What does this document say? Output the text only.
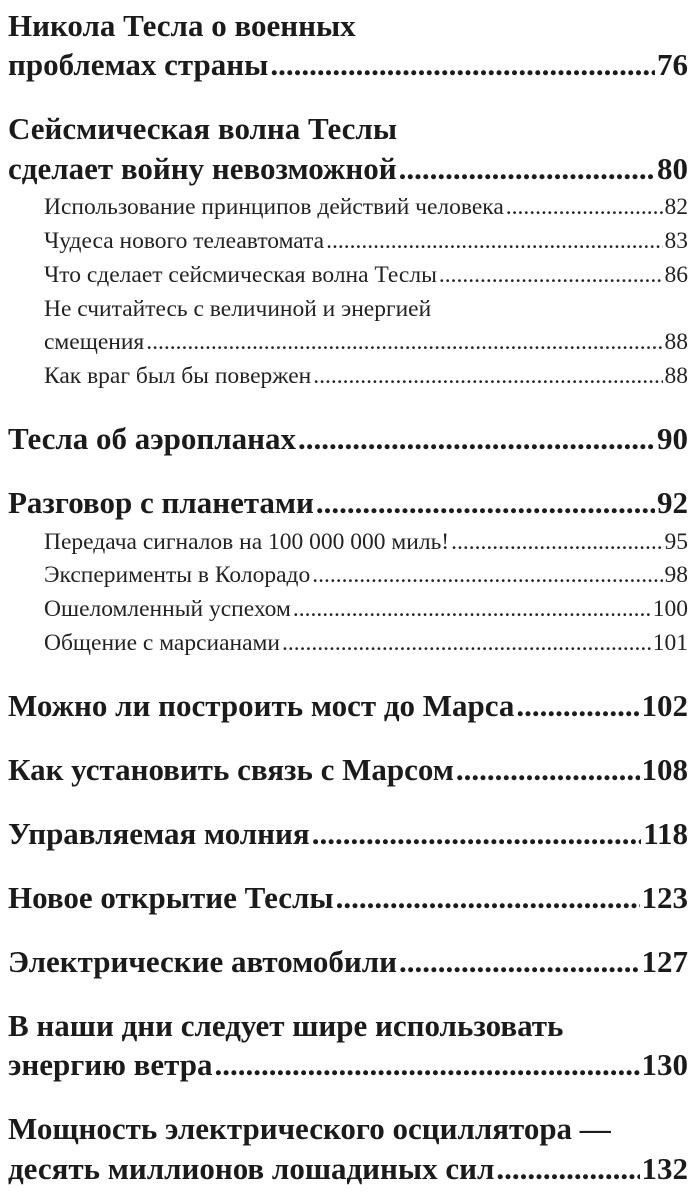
Никола Тесла о военных
проблемах страны .....	76
Сейсмическая волна Теслы
сделает войну невозможной .....	80
Использование принципов действий человека .....	82
Чудеса нового телеавтомата .....	83
Что сделает сейсмическая волна Теслы .....	86
Не считайтесь с величиной и энергией
смещения .....	88
Как враг был бы повержен .....	88
Тесла об аэропланах .....	90
Разговор с планетами .....	92
Передача сигналов на 100 000 000 миль! .....	95
Эксперименты в Колорадо .....	98
Ошеломленный успехом .....	100
Общение с марсианами .....	101
Можно ли построить мост до Марса .....	102
Как установить связь с Марсом .....	108
Управляемая молния .....	118
Новое открытие Теслы .....	123
Электрические автомобили .....	127
В наши дни следует шире использовать
энергию ветра .....	130
Мощность электрического осциллятора —
десять миллионов лошадиных сил .....	132
